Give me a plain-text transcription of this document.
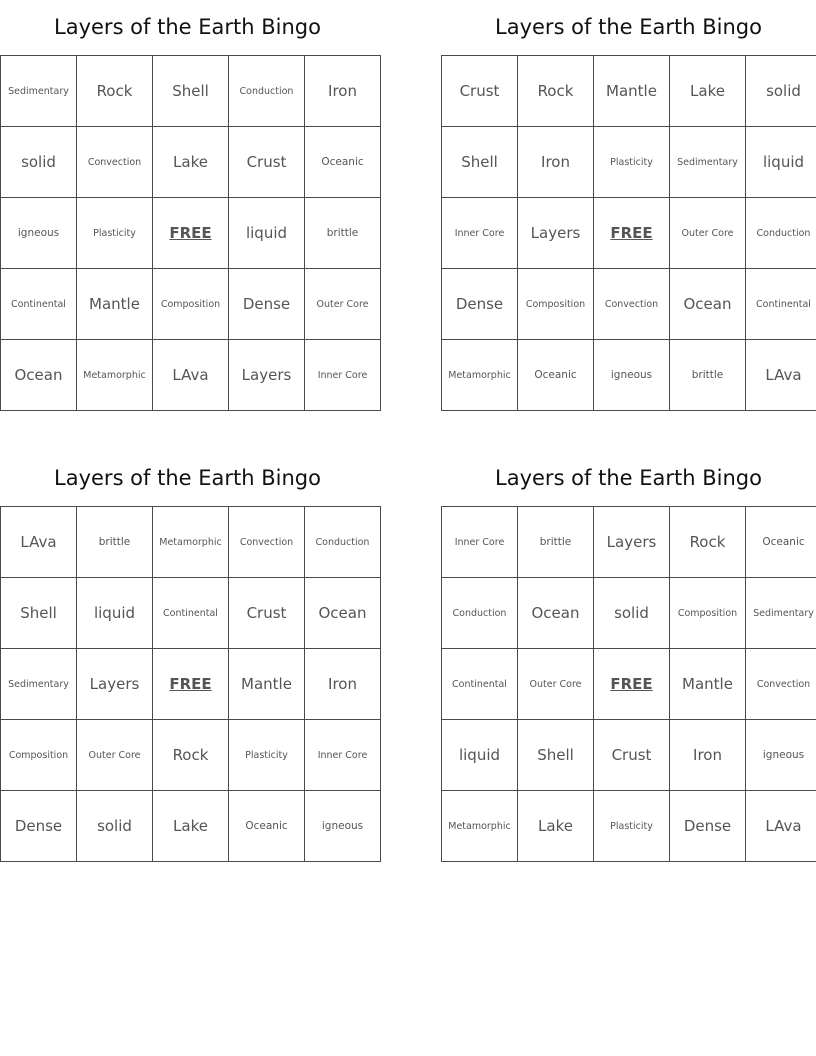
Layers of the Earth Bingo
Sedimentary	Rock	Shell	Conduction	Iron
solid	Convection	Lake	Crust	Oceanic
igneous	Plasticity	FREE	liquid	brittle
Continental	Mantle	Composition	Dense	Outer Core
Ocean	Metamorphic	LAva	Layers	Inner Core
Layers of the Earth Bingo
Crust	Rock	Mantle	Lake	solid
Shell	Iron	Plasticity	Sedimentary	liquid
Inner Core	Layers	FREE	Outer Core	Conduction
Dense	Composition	Convection	Ocean	Continental
Metamorphic	Oceanic	igneous	brittle	LAva
Layers of the Earth Bingo
LAva	brittle	Metamorphic	Convection	Conduction
Shell	liquid	Continental	Crust	Ocean
Sedimentary	Layers	FREE	Mantle	Iron
Composition	Outer Core	Rock	Plasticity	Inner Core
Dense	solid	Lake	Oceanic	igneous
Layers of the Earth Bingo
Inner Core	brittle	Layers	Rock	Oceanic
Conduction	Ocean	solid	Composition	Sedimentary
Continental	Outer Core	FREE	Mantle	Convection
liquid	Shell	Crust	Iron	igneous
Metamorphic	Lake	Plasticity	Dense	LAva
